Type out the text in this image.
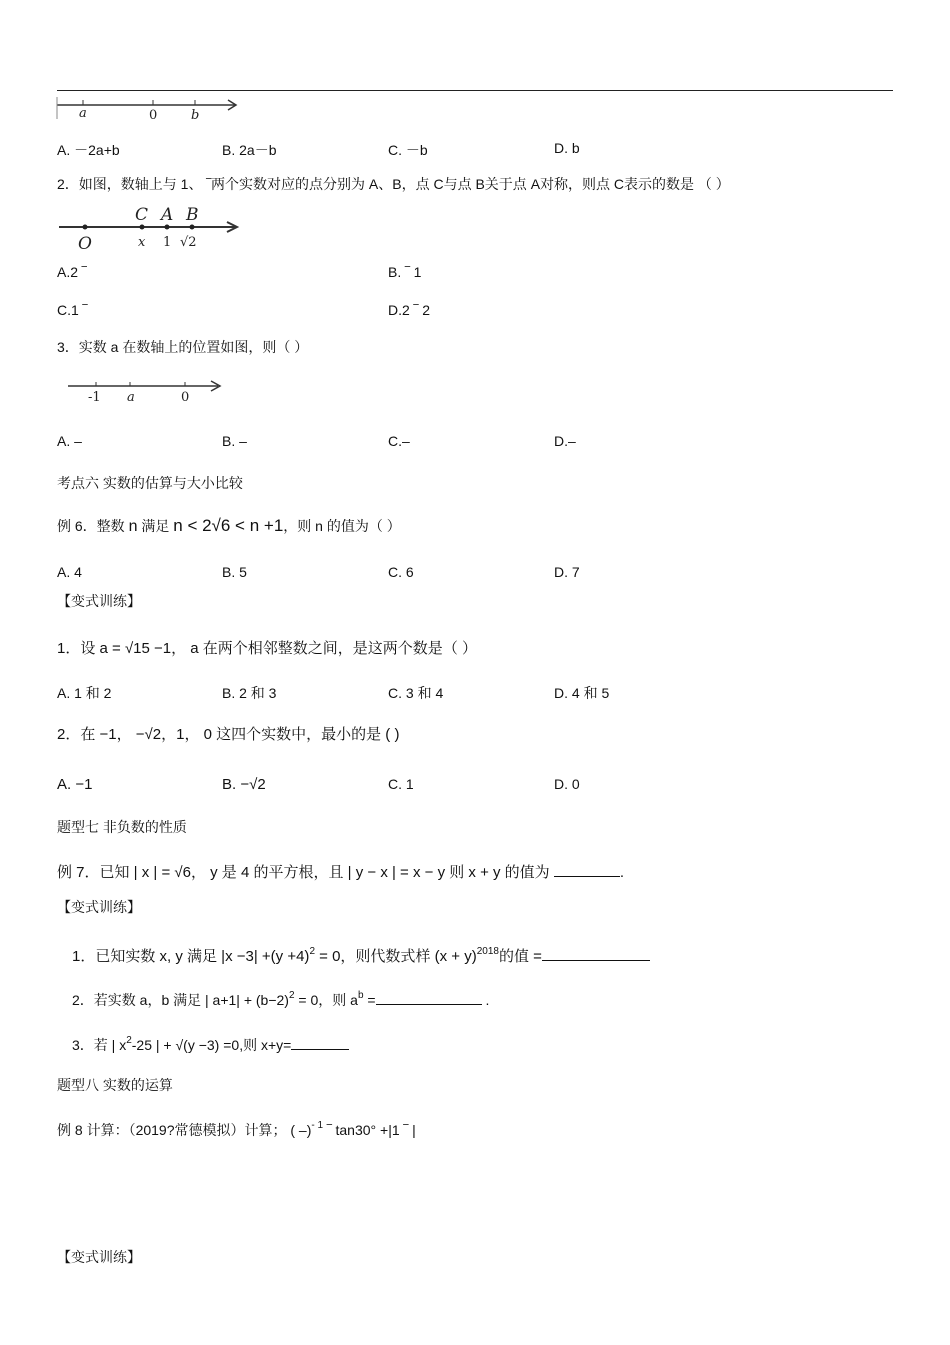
a	0	b
A. －2a+b	B. 2a－b	C. －b	D. b
2．如图，数轴上与 1、 ‾两个实数对应的点分别为 A、B，点 C与点 B关于点 A对称，则点 C表示的数是 （ ）
C A B
O	x 1 √2
A.2 ‾	B. ‾ 1
C.1 ‾	D.2 ‾ 2
3．实数 a 在数轴上的位置如图，则（ ）
-1 a	0
A. –	B. –	C.–	D.–
考点六 实数的估算与大小比较
例 6．整数 n 满足 n < 2√6 < n +1，则 n 的值为（ ）
A. 4	B. 5	C. 6	D. 7
【变式训练】
1．设 a = √15 −1， a 在两个相邻整数之间，是这两个数是（ ）
A. 1 和 2	B. 2 和 3	C. 3 和 4	D. 4 和 5
2．在 −1， −√2，1， 0 这四个实数中，最小的是 ( )
A. −1	B. −√2	C. 1	D. 0
题型七 非负数的性质
例 7．已知 | x | = √6， y 是 4 的平方根，且 | y − x | = x − y 则 x + y 的值为	.
【变式训练】
1．已知实数 x, y 满足 $|x -3| +(y +4)^2 = 0$，则代数式样 $(x + y)^{2018}$的值 =
2．若实数 a，b 满足 | $a+1| + (b-2)^2 = 0$，则 $a^b$ =	.
3．若 | $x^2-25$ | + √(y −3) =0,则 x+y=
题型八 实数的运算
例 8 计算：（2019?常德模拟）计算； ( –)$^{- 1}$ ‾ tan30° +|1 ‾ |
【变式训练】
